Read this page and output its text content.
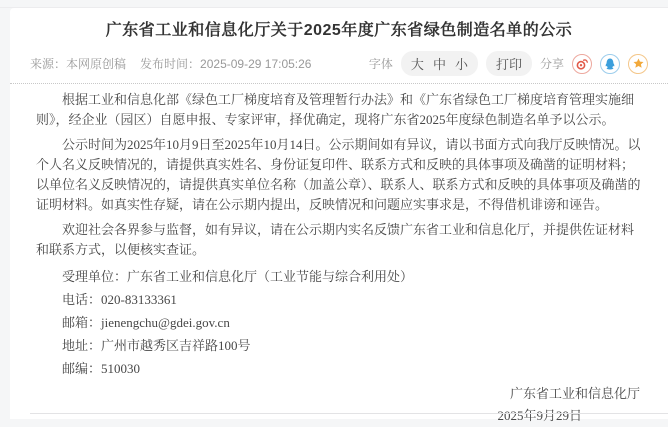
广东省工业和信息化厅关于2025年度广东省绿色制造名单的公示
来源： 本网原创稿 发布时间： 2025-09-29 17:05:26	字体 大 中 小	打印	分享

根据工业和信息化部《绿色工厂梯度培育及管理暂行办法》和《广东省绿色工厂梯度培育管理实施细则》，经企业（园区）自愿申报、专家评审，择优确定，现将广东省2025年度绿色制造名单予以公示。

公示时间为2025年10月9日至2025年10月14日。公示期间如有异议，请以书面方式向我厅反映情况。以个人名义反映情况的，请提供真实姓名、身份证复印件、联系方式和反映的具体事项及确凿的证明材料；以单位名义反映情况的，请提供真实单位名称（加盖公章）、联系人、联系方式和反映的具体事项及确凿的证明材料。如真实性存疑，请在公示期内提出，反映情况和问题应实事求是，不得借机诽谤和诬告。

欢迎社会各界参与监督，如有异议，请在公示期内实名反馈广东省工业和信息化厅，并提供佐证材料和联系方式，以便核实查证。

受理单位：广东省工业和信息化厅（工业节能与综合利用处）

电话：020-83133361

邮箱：jienengchu@gdei.gov.cn

地址：广州市越秀区吉祥路100号

邮编：510030

广东省工业和信息化厅
2025年9月29日
